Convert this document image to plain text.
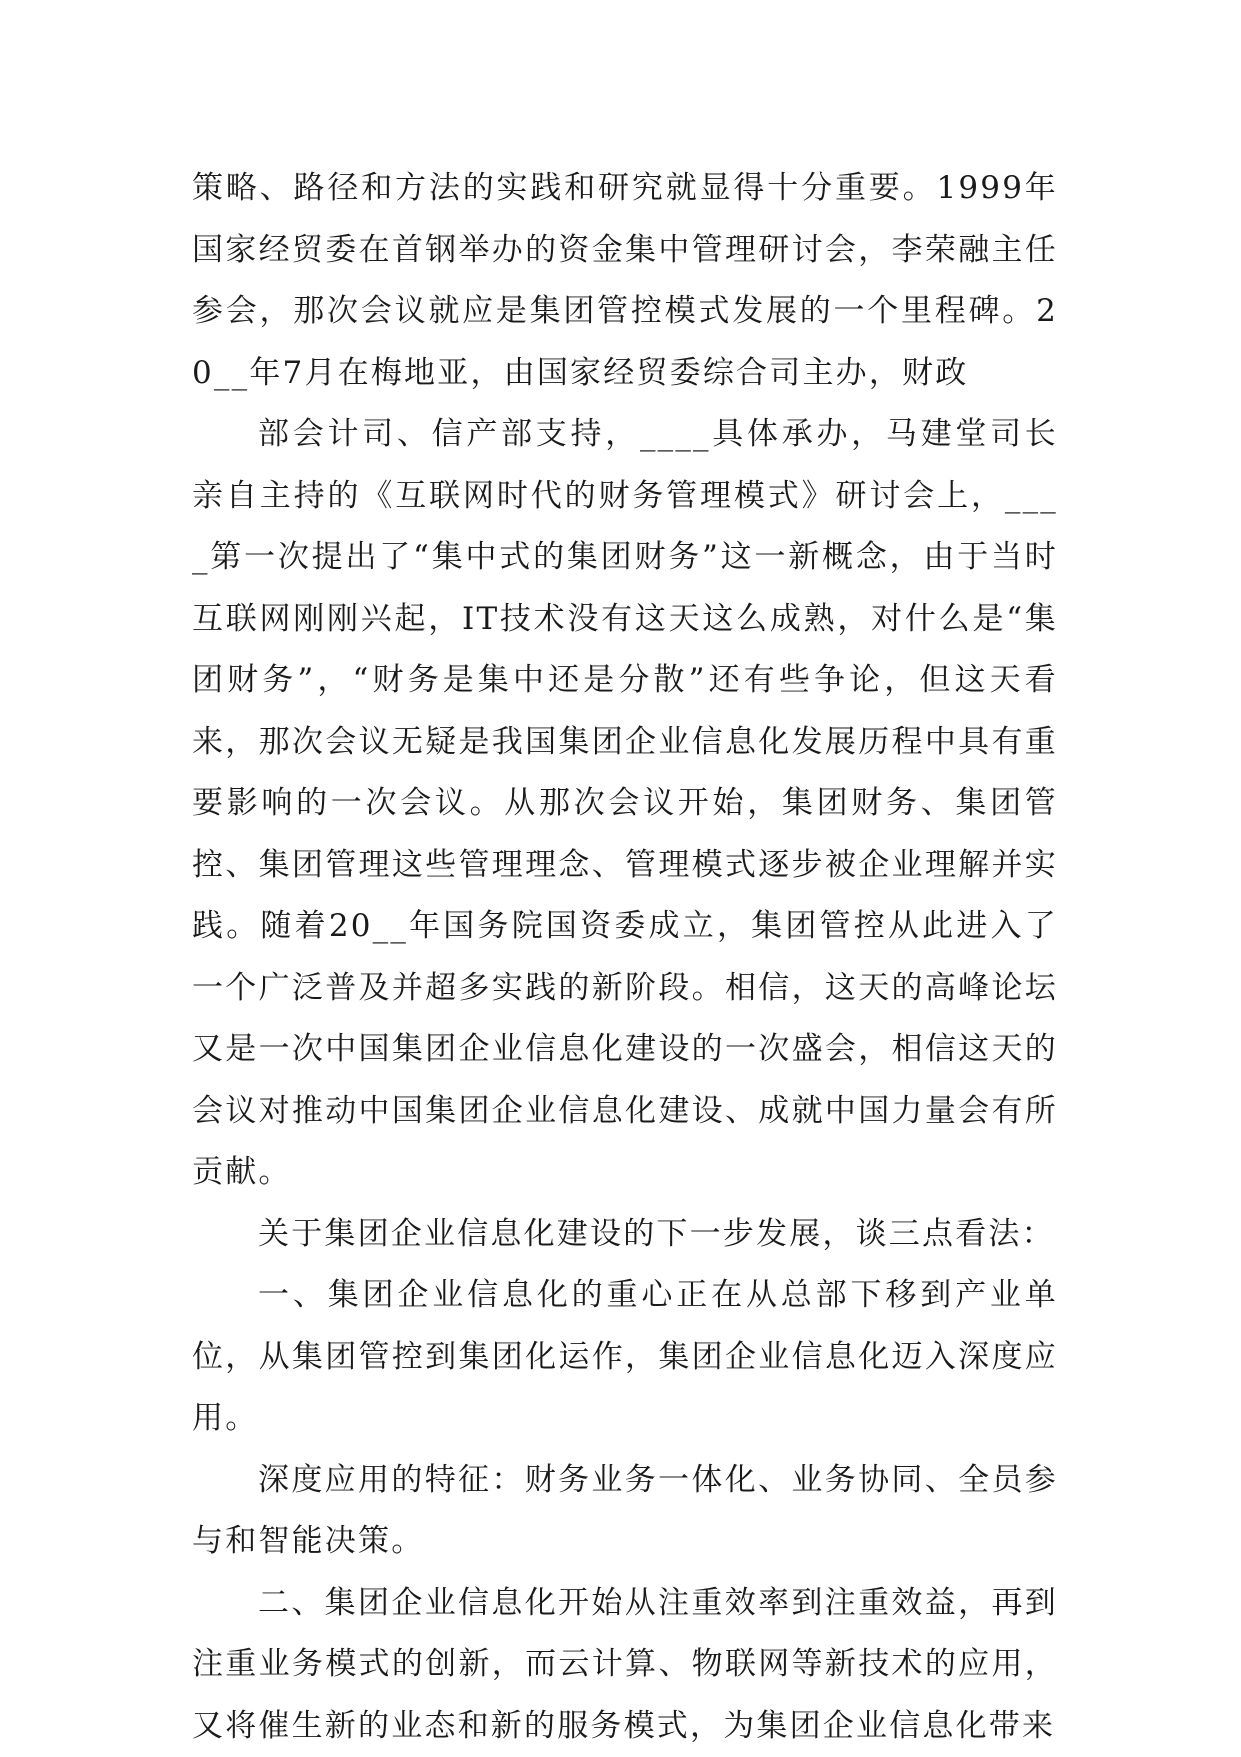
策略、路径和方法的实践和研究就显得十分重要。1999年国家经贸委在首钢举办的资金集中管理研讨会，李荣融主任参会，那次会议就应是集团管控模式发展的一个里程碑。20__年7月在梅地亚，由国家经贸委综合司主办，财政

部会计司、信产部支持，____具体承办，马建堂司长亲自主持的《互联网时代的财务管理模式》研讨会上，____第一次提出了“集中式的集团财务”这一新概念，由于当时互联网刚刚兴起，IT技术没有这天这么成熟，对什么是“集团财务”，“财务是集中还是分散”还有些争论，但这天看来，那次会议无疑是我国集团企业信息化发展历程中具有重要影响的一次会议。从那次会议开始，集团财务、集团管控、集团管理这些管理理念、管理模式逐步被企业理解并实践。随着20__年国务院国资委成立，集团管控从此进入了一个广泛普及并超多实践的新阶段。相信，这天的高峰论坛又是一次中国集团企业信息化建设的一次盛会，相信这天的会议对推动中国集团企业信息化建设、成就中国力量会有所贡献。

关于集团企业信息化建设的下一步发展，谈三点看法：

一、集团企业信息化的重心正在从总部下移到产业单位，从集团管控到集团化运作，集团企业信息化迈入深度应用。

深度应用的特征：财务业务一体化、业务协同、全员参与和智能决策。

二、集团企业信息化开始从注重效率到注重效益，再到注重业务模式的创新，而云计算、物联网等新技术的应用，又将催生新的业态和新的服务模式，为集团企业信息化带来
